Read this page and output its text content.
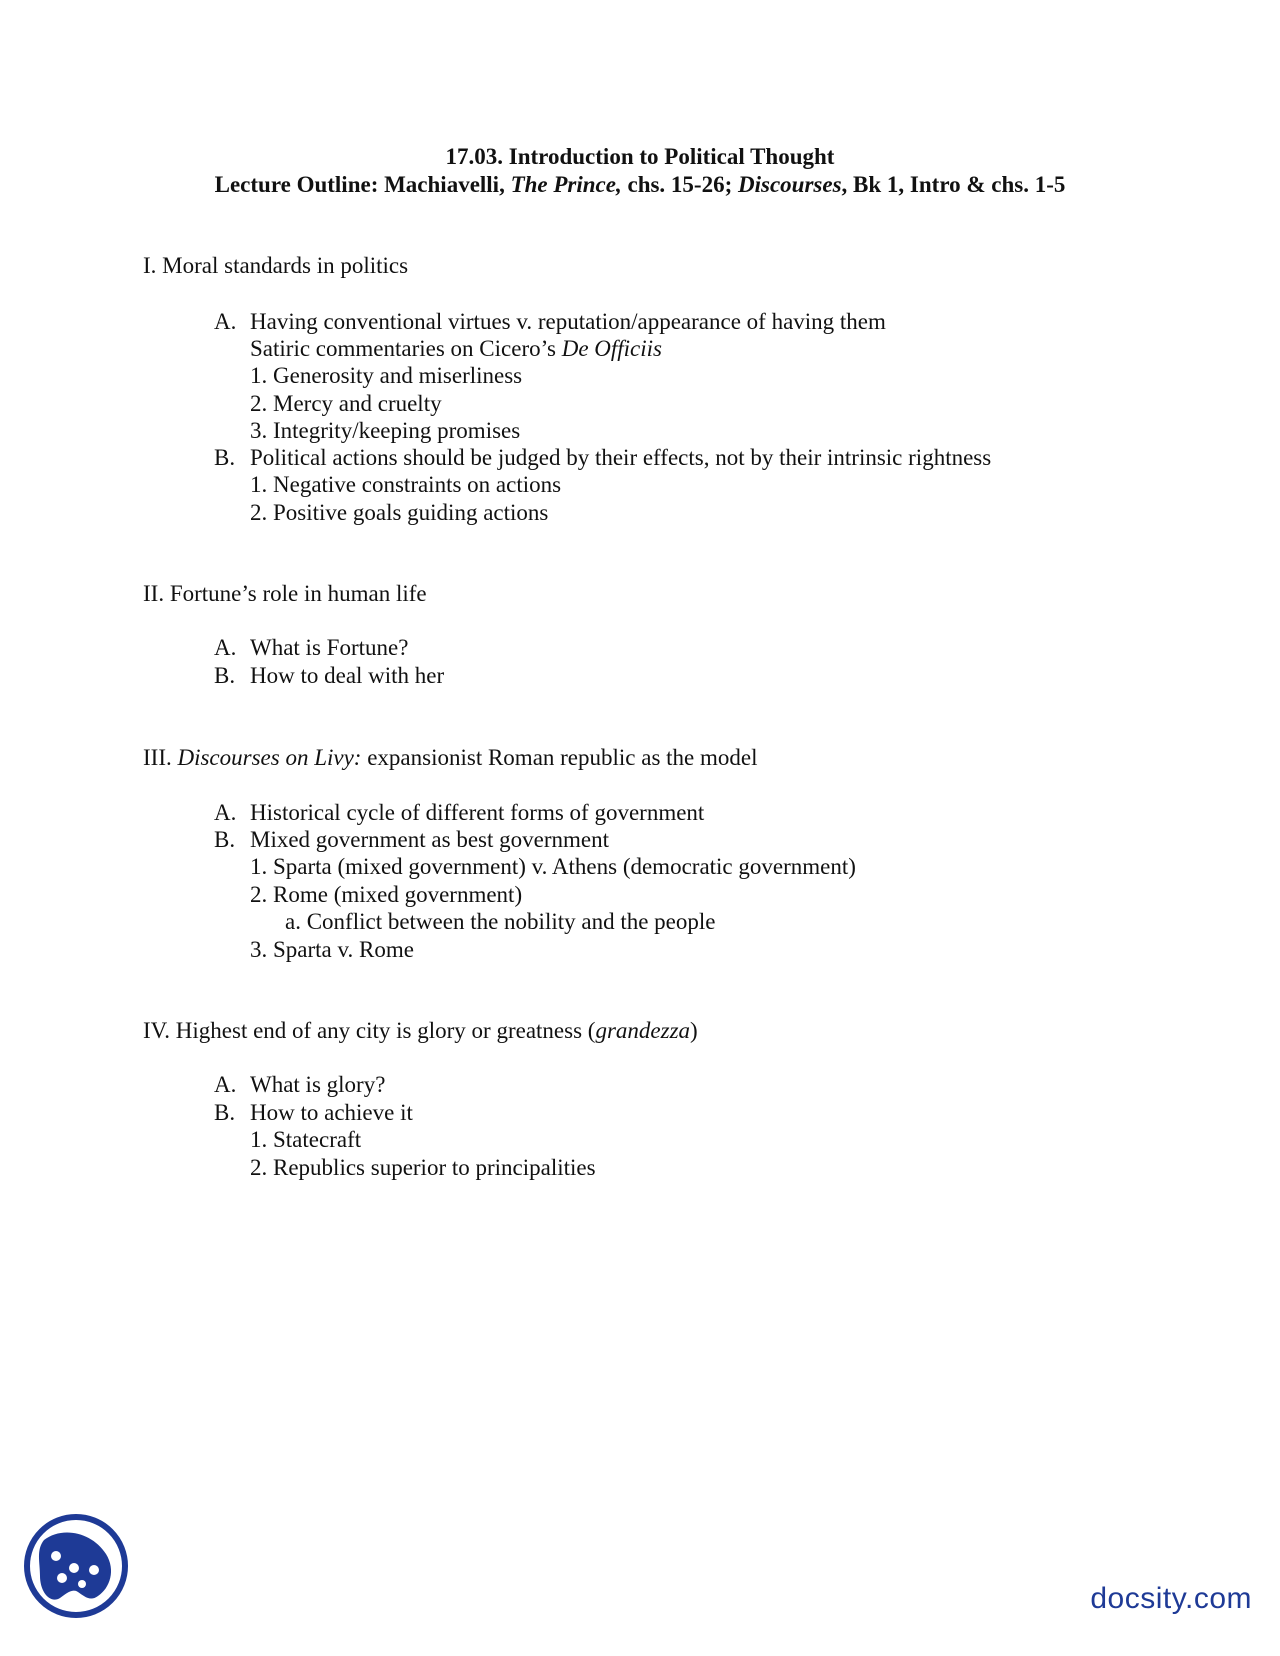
17.03. Introduction to Political Thought
Lecture Outline: Machiavelli, The Prince, chs. 15-26; Discourses, Bk 1, Intro & chs. 1-5
I. Moral standards in politics
A. Having conventional virtues v. reputation/appearance of having them
Satiric commentaries on Cicero’s De Officiis
1. Generosity and miserliness
2. Mercy and cruelty
3. Integrity/keeping promises
B. Political actions should be judged by their effects, not by their intrinsic rightness
1. Negative constraints on actions
2. Positive goals guiding actions
II. Fortune’s role in human life
A. What is Fortune?
B. How to deal with her
III. Discourses on Livy: expansionist Roman republic as the model
A. Historical cycle of different forms of government
B. Mixed government as best government
1. Sparta (mixed government) v. Athens (democratic government)
2. Rome (mixed government)
a. Conflict between the nobility and the people
3. Sparta v. Rome
IV. Highest end of any city is glory or greatness (grandezza)
A. What is glory?
B. How to achieve it
1. Statecraft
2. Republics superior to principalities
docsity.com
